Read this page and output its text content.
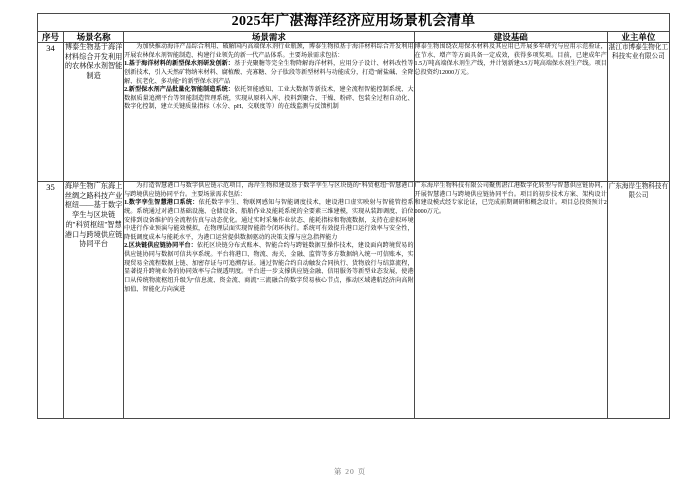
2025年广湛海洋经济应用场景机会清单				
序号	场景名称	场景需求	建设基础	业主单位
34	博泰生物基于海洋材料综合开发利用的农林保水剂智能制造	为加快推动海洋产品综合利用、破解国内高端保水剂行业瓶颈，博泰生物拟基于海洋材料综合开发利用开展农林保水剂智能制造、构建行业领先的新一代产品体系。主要场景需求包括：

1.基于海洋材料的新型保水剂研发创新：基于壳聚糖等完全生物降解海洋材料，应用分子设计、材料改性等创新技术，引入天然矿物纳米材料、腐植酸、壳寡糖、分子肽段等新型材料与功能成分，打造"耐盐碱、全降解、抗老化、多功能"的新型保水剂产品

2.新型保水剂产品批量化智能制造系统：依托智能感知、工业大数据等新技术，建全流程智能控制系统、大数据质量追溯平台等智能制造管理系统，实现从原料入库、投料到聚合、干燥、粉碎、包装全过程自动化、数字化控制，建立关键质量指标（水分、pH、交联度等）的在线监测与反馈机制	博泰生物围绕农用保水材料及其应用已开展多年研究与应用示范验证，在节水、增产等方面具备一定成效，获得多项奖项。目前，已建成年产1.5万吨高端保水剂生产线，并计划新建3.5万吨高端保水剂生产线。项目总投资约12000万元。	湛江市博泰生物化工科技实业有限公司
35	海岸生物广东海上丝绸之路科技产业枢纽——基于数字孪生与区块链的"科贸枢纽"智慧港口与跨境供应链协同平台	为打造智慧港口与数字供应链示范项目，海岸生物拟建设基于数字孪生与区块链的"科贸枢纽"智慧港口与跨境供应链协同平台。主要场景需求包括：

1.数字孪生智慧港口系统：依托数字孪生、物联网感知与智能调度技术，建设港口虚实映射与智能管控系统。系统通过对港口基础设施、仓储设备、船舶作业及能耗系统的全要素三维建模，实现从装卸调度、泊位安排到设备维护的全流程仿真与动态优化。通过实时采集作业状态、能耗指标和物流数据，支持在虚拟环境中进行作业预演与能效模拟，在物理层面实现智能指令闭环执行。系统可有效提升港口运行效率与安全性，降低调度成本与能耗水平，为港口运营提供数据驱动的决策支撑与应急指挥能力

2.区块链供应链协同平台：依托区块链分布式账本、智能合约与跨链数据互操作技术，建设面向跨境贸易的供应链协同与数据可信共享系统。平台将港口、物流、海关、金融、监管等多方数据纳入统一可信账本，实现贸易全流程数据上链、加密存证与可追溯存证。通过智能合约自动触发合同执行、货物放行与结算流程，显著提升跨境业务的协同效率与合规透明度。平台进一步支撑供应链金融、信用服务等新型业态发展，使港口从传统物流枢纽升级为"信息流、资金流、商流"三流融合的数字贸易核心节点，推动区域港航经济向高附加值、智能化方向演进	广东海岸生物科技有限公司聚焦湛江港数字化转型与智慧供应链协同，开展智慧港口与跨境供应链协同平台。项目的初步技术方案、架构设计和建设模式经专家论证，已完成前期调研和概念设计。项目总投资预计20000万元。	广东海岸生物科技有限公司
第 20 页
